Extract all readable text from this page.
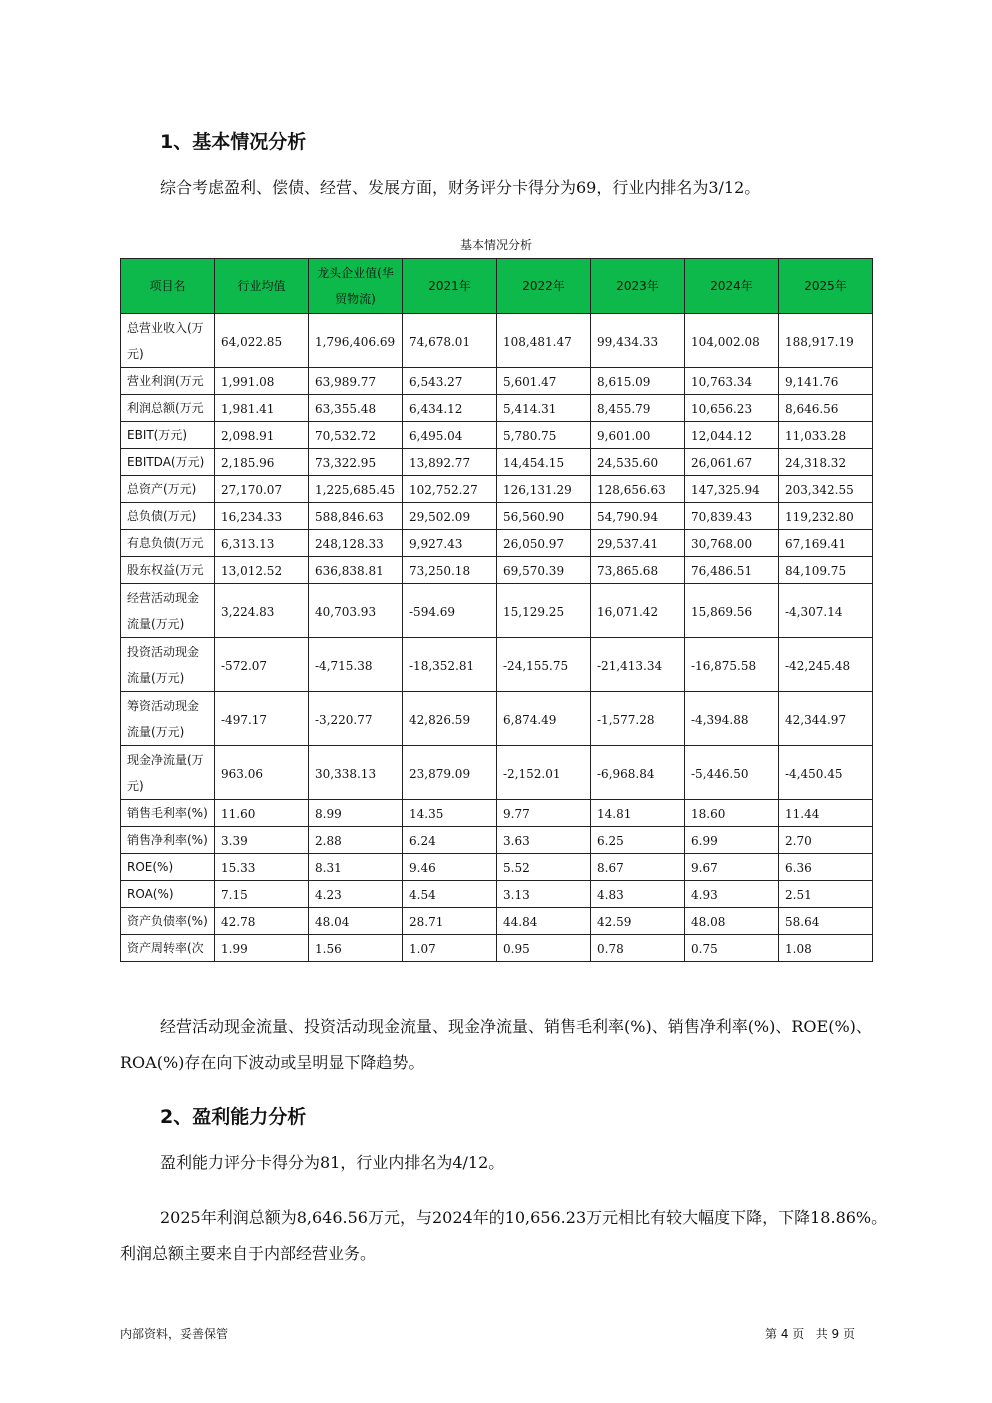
1、基本情况分析
综合考虑盈利、偿债、经营、发展方面，财务评分卡得分为69，行业内排名为3/12。
基本情况分析
项目名	行业均值	龙头企业值(华贸物流)	2021年	2022年	2023年	2024年	2025年
总营业收入(万元)	64,022.85	1,796,406.69	74,678.01	108,481.47	99,434.33	104,002.08	188,917.19
营业利润(万元	1,991.08	63,989.77	6,543.27	5,601.47	8,615.09	10,763.34	9,141.76
利润总额(万元	1,981.41	63,355.48	6,434.12	5,414.31	8,455.79	10,656.23	8,646.56
EBIT(万元)	2,098.91	70,532.72	6,495.04	5,780.75	9,601.00	12,044.12	11,033.28
EBITDA(万元)	2,185.96	73,322.95	13,892.77	14,454.15	24,535.60	26,061.67	24,318.32
总资产(万元)	27,170.07	1,225,685.45	102,752.27	126,131.29	128,656.63	147,325.94	203,342.55
总负债(万元)	16,234.33	588,846.63	29,502.09	56,560.90	54,790.94	70,839.43	119,232.80
有息负债(万元	6,313.13	248,128.33	9,927.43	26,050.97	29,537.41	30,768.00	67,169.41
股东权益(万元	13,012.52	636,838.81	73,250.18	69,570.39	73,865.68	76,486.51	84,109.75
经营活动现金流量(万元)	3,224.83	40,703.93	-594.69	15,129.25	16,071.42	15,869.56	-4,307.14
投资活动现金流量(万元)	-572.07	-4,715.38	-18,352.81	-24,155.75	-21,413.34	-16,875.58	-42,245.48
筹资活动现金流量(万元)	-497.17	-3,220.77	42,826.59	6,874.49	-1,577.28	-4,394.88	42,344.97
现金净流量(万元)	963.06	30,338.13	23,879.09	-2,152.01	-6,968.84	-5,446.50	-4,450.45
销售毛利率(%)	11.60	8.99	14.35	9.77	14.81	18.60	11.44
销售净利率(%)	3.39	2.88	6.24	3.63	6.25	6.99	2.70
ROE(%)	15.33	8.31	9.46	5.52	8.67	9.67	6.36
ROA(%)	7.15	4.23	4.54	3.13	4.83	4.93	2.51
资产负债率(%)	42.78	48.04	28.71	44.84	42.59	48.08	58.64
资产周转率(次	1.99	1.56	1.07	0.95	0.78	0.75	1.08
经营活动现金流量、投资活动现金流量、现金净流量、销售毛利率(%)、销售净利率(%)、ROE(%)、ROA(%)存在向下波动或呈明显下降趋势。
2、盈利能力分析
盈利能力评分卡得分为81，行业内排名为4/12。
2025年利润总额为8,646.56万元，与2024年的10,656.23万元相比有较大幅度下降，下降18.86%。利润总额主要来自于内部经营业务。
内部资料，妥善保管	第 4 页   共 9 页
